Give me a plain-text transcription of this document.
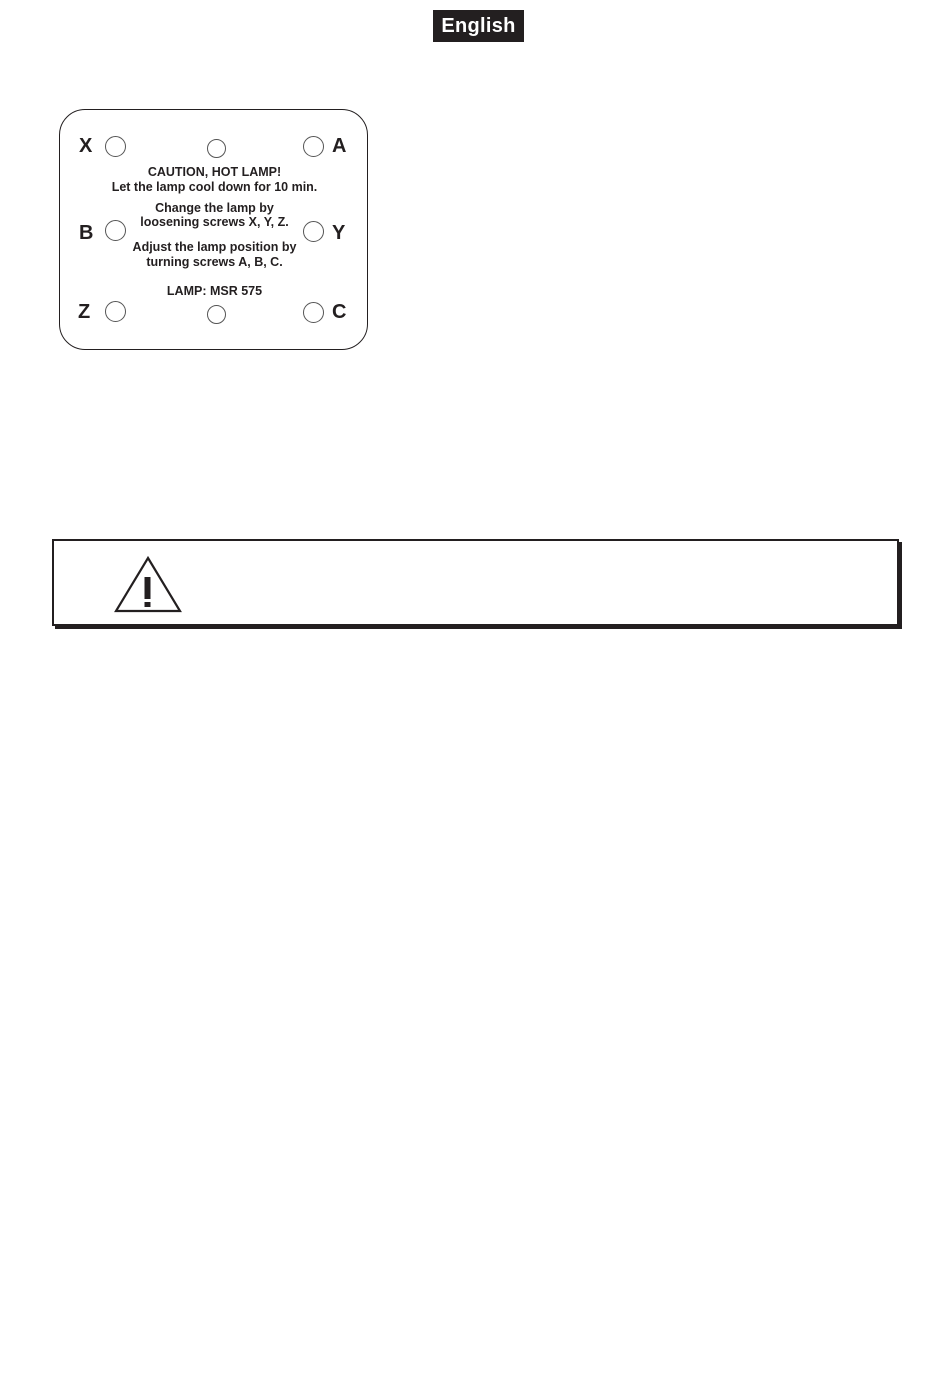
English
X	A
B	Y
Z	C
CAUTION, HOT LAMP!
Let the lamp cool down for 10 min.
Change the lamp by
loosening screws X, Y, Z.
Adjust the lamp position by
turning screws A, B, C.
LAMP: MSR 575
